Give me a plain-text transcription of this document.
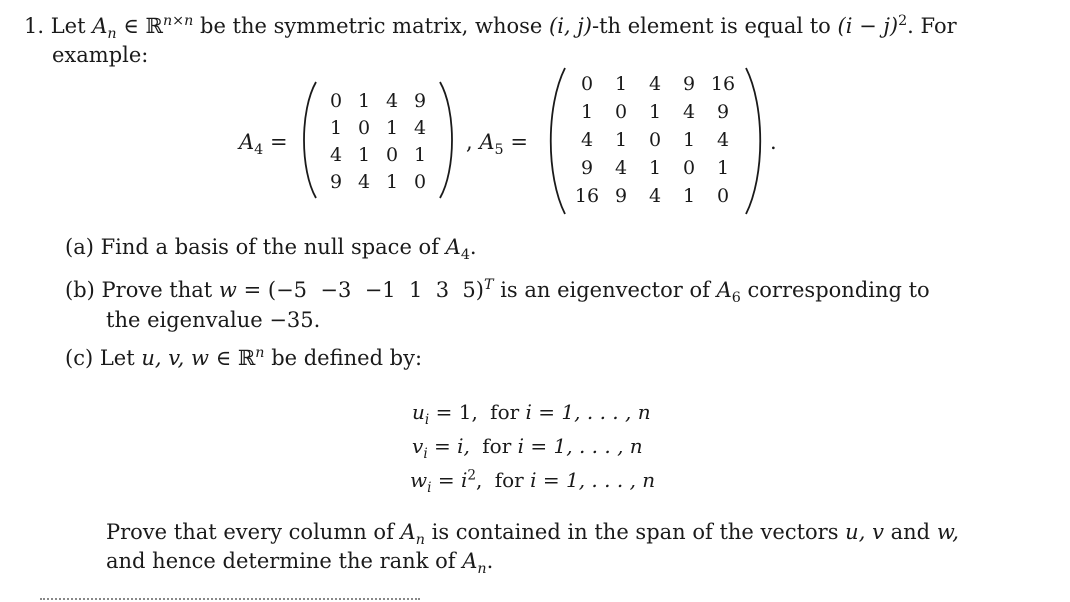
1. Let $A_n$ ∈ ℝ$^{n\times n}$ be the symmetric matrix, whose (i, j)-th element is equal to $(i - j)^2$. For
example:
$A_4$ =
0	1	4	9
1	0	1	4
4	1	0	1
9	4	1	0
, $A_5$ =
0	1	4	9	16
1	0	1	4	9
4	1	0	1	4
9	4	1	0	1
16	9	4	1	0
.
(a) Find a basis of the null space of $A_4$.
(b) Prove that w = (−5  −3  −1  1  3  5)$^T$ is an eigenvector of $A_6$ corresponding to
the eigenvalue −35.
(c) Let u, v, w ∈ ℝ$^n$ be defined by:
$u_i = 1$, for i = 1, . . . , n
$v_i = i$, for i = 1, . . . , n
$w_i = i^2$, for i = 1, . . . , n
Prove that every column of $A_n$ is contained in the span of the vectors u, v and w,
and hence determine the rank of $A_n$.
